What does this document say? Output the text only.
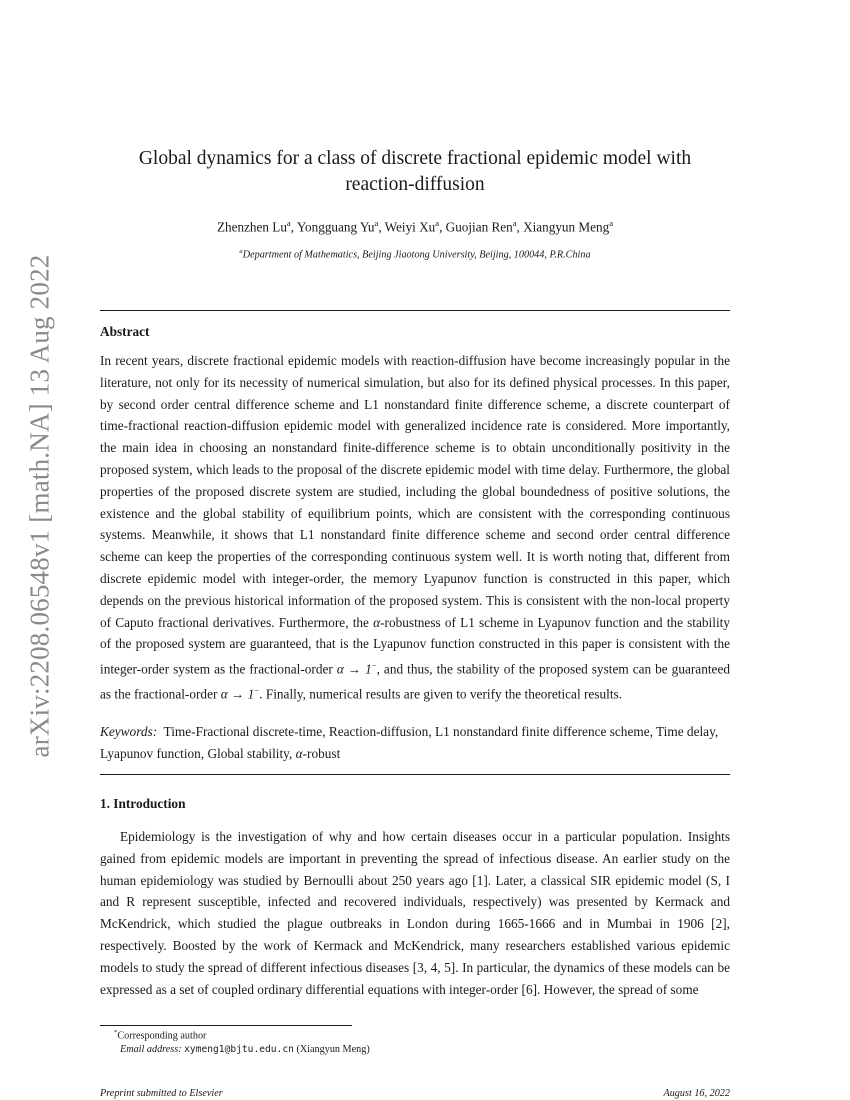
arXiv:2208.06548v1 [math.NA] 13 Aug 2022
Global dynamics for a class of discrete fractional epidemic model with
reaction-diffusion
Zhenzhen Lu$^a$, Yongguang Yu$^a$, Weiyi Xu$^a$, Guojian Ren$^a$, Xiangyun Meng$^a$
$^a$Department of Mathematics, Beijing Jiaotong University, Beijing, 100044, P.R.China
Abstract

In recent years, discrete fractional epidemic models with reaction-diffusion have become increasingly popular in the literature, not only for its necessity of numerical simulation, but also for its defined physical processes. In this paper, by second order central difference scheme and L1 nonstandard finite difference scheme, a discrete counterpart of time-fractional reaction-diffusion epidemic model with generalized incidence rate is considered. More importantly, the main idea in choosing an nonstandard finite-difference scheme is to obtain unconditionally positivity in the proposed system, which leads to the proposal of the discrete epidemic model with time delay. Furthermore, the global properties of the proposed discrete system are studied, including the global boundedness of positive solutions, the existence and the global stability of equilibrium points, which are consistent with the corresponding continuous systems. Meanwhile, it shows that L1 nonstandard finite difference scheme and second order central difference scheme can keep the properties of the corresponding continuous system well. It is worth noting that, different from discrete epidemic model with integer-order, the memory Lyapunov function is constructed in this paper, which depends on the previous historical information of the proposed system. This is consistent with the non-local property of Caputo fractional derivatives. Furthermore, the α-robustness of L1 scheme in Lyapunov function and the stability of the proposed system are guaranteed, that is the Lyapunov function constructed in this paper is consistent with the integer-order system as the fractional-order α → 1−, and thus, the stability of the proposed system can be guaranteed as the fractional-order α → 1−. Finally, numerical results are given to verify the theoretical results.

Keywords: Time-Fractional discrete-time, Reaction-diffusion, L1 nonstandard finite difference scheme, Time delay, Lyapunov function, Global stability, α-robust

1. Introduction

Epidemiology is the investigation of why and how certain diseases occur in a particular population. Insights gained from epidemic models are important in preventing the spread of infectious disease. An earlier study on the human epidemiology was studied by Bernoulli about 250 years ago [1]. Later, a classical SIR epidemic model (S, I and R represent susceptible, infected and recovered individuals, respectively) was presented by Kermack and McKendrick, which studied the plague outbreaks in London during 1665-1666 and in Mumbai in 1906 [2], respectively. Boosted by the work of Kermack and McKendrick, many researchers established various epidemic models to study the spread of different infectious diseases [3, 4, 5]. In particular, the dynamics of these models can be expressed as a set of coupled ordinary differential equations with integer-order [6]. However, the spread of some

*Corresponding author
Email address: xymeng1@bjtu.edu.cn (Xiangyun Meng)
Preprint submitted to Elsevier	August 16, 2022
